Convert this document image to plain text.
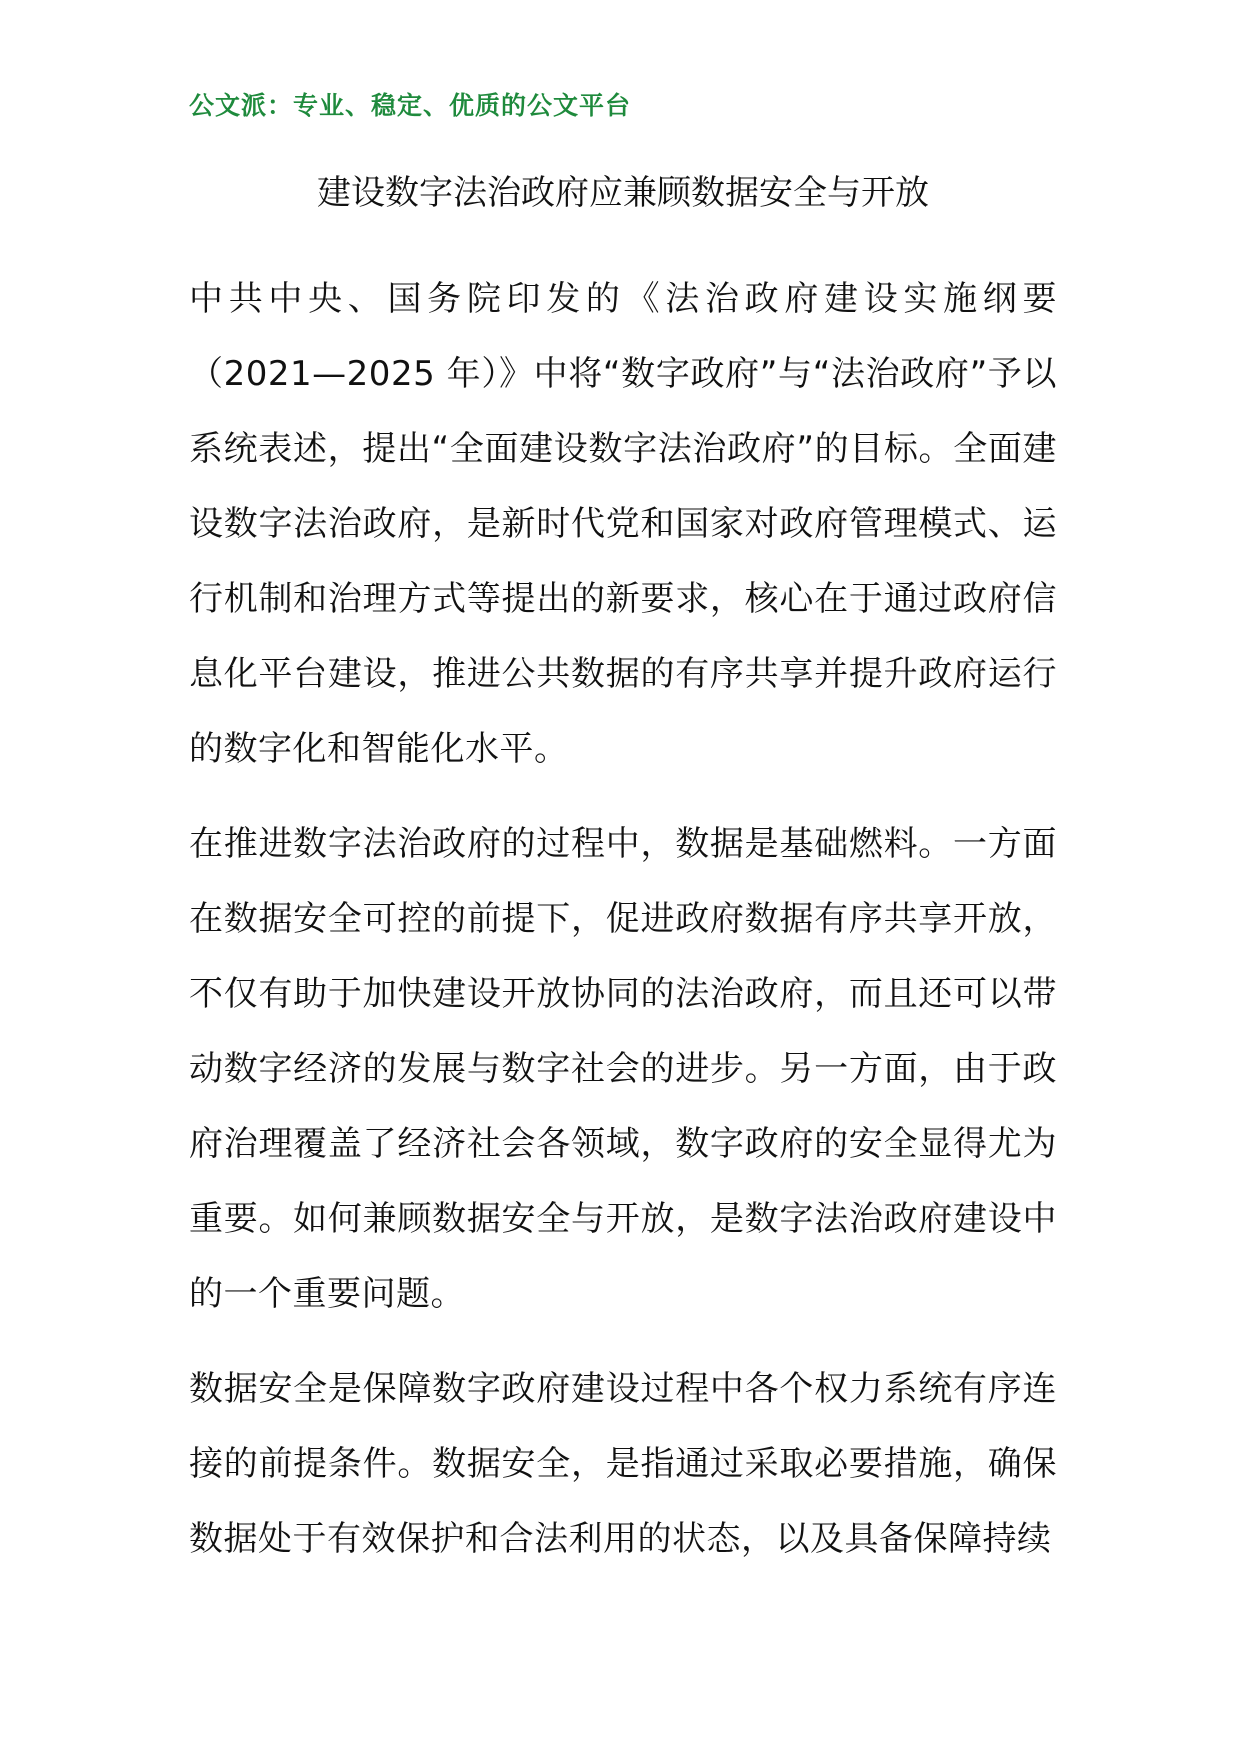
公文派：专业、稳定、优质的公文平台
建设数字法治政府应兼顾数据安全与开放

中共中央、国务院印发的《法治政府建设实施纲要（2021—2025 年）》中将“数字政府”与“法治政府”予以系统表述，提出“全面建设数字法治政府”的目标。全面建设数字法治政府，是新时代党和国家对政府管理模式、运行机制和治理方式等提出的新要求，核心在于通过政府信息化平台建设，推进公共数据的有序共享并提升政府运行的数字化和智能化水平。

在推进数字法治政府的过程中，数据是基础燃料。一方面在数据安全可控的前提下，促进政府数据有序共享开放，不仅有助于加快建设开放协同的法治政府，而且还可以带动数字经济的发展与数字社会的进步。另一方面，由于政府治理覆盖了经济社会各领域，数字政府的安全显得尤为重要。如何兼顾数据安全与开放，是数字法治政府建设中的一个重要问题。

数据安全是保障数字政府建设过程中各个权力系统有序连接的前提条件。数据安全，是指通过采取必要措施，确保数据处于有效保护和合法利用的状态，以及具备保障持续
